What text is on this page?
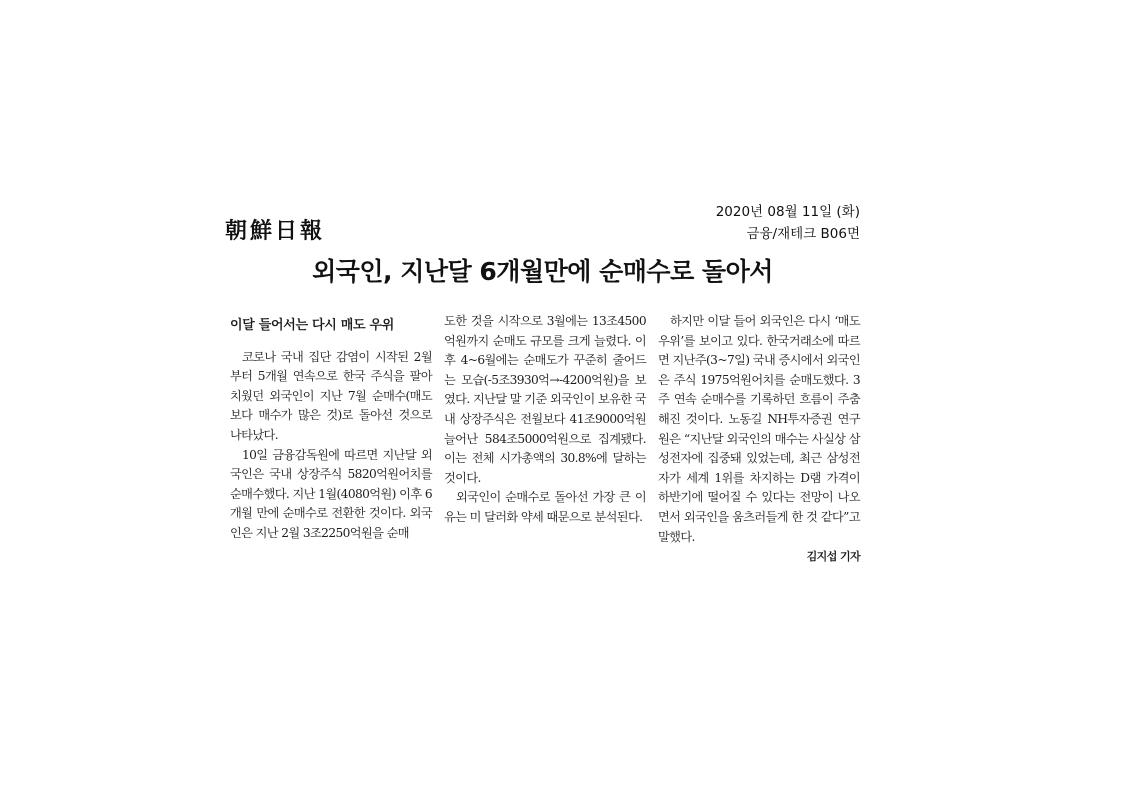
朝鮮日報
2020년 08월 11일 (화)
금융/재테크 B06면
외국인, 지난달 6개월만에 순매수로 돌아서
이달 들어서는 다시 매도 우위

코로나 국내 집단 감염이 시작된 2월부터 5개월 연속으로 한국 주식을 팔아치웠던 외국인이 지난 7월 순매수(매도보다 매수가 많은 것)로 돌아선 것으로 나타났다.

10일 금융감독원에 따르면 지난달 외국인은 국내 상장주식 5820억원어치를 순매수했다. 지난 1월(4080억원) 이후 6개월 만에 순매수로 전환한 것이다. 외국인은 지난 2월 3조2250억원을 순매

도한 것을 시작으로 3월에는 13조4500억원까지 순매도 규모를 크게 늘렸다. 이후 4~6월에는 순매도가 꾸준히 줄어드는 모습(-5조3930억→-4200억원)을 보였다. 지난달 말 기준 외국인이 보유한 국내 상장주식은 전월보다 41조9000억원 늘어난 584조5000억원으로 집계됐다. 이는 전체 시가총액의 30.8%에 달하는 것이다.

외국인이 순매수로 돌아선 가장 큰 이유는 미 달러화 약세 때문으로 분석된다.

하지만 이달 들어 외국인은 다시 ‘매도 우위’를 보이고 있다. 한국거래소에 따르면 지난주(3~7일) 국내 증시에서 외국인은 주식 1975억원어치를 순매도했다. 3주 연속 순매수를 기록하던 흐름이 주춤해진 것이다. 노동길 NH투자증권 연구원은 “지난달 외국인의 매수는 사실상 삼성전자에 집중돼 있었는데, 최근 삼성전자가 세계 1위를 차지하는 D램 가격이 하반기에 떨어질 수 있다는 전망이 나오면서 외국인을 움츠러들게 한 것 같다”고 말했다.

김지섭 기자
